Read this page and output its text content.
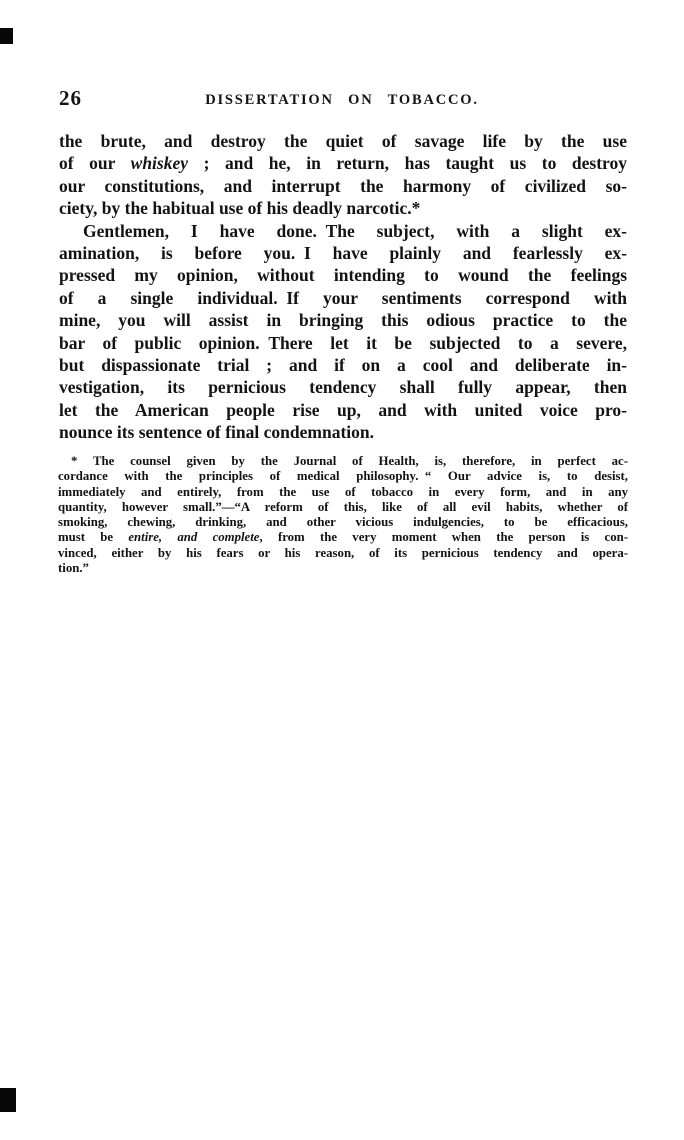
26	DISSERTATION ON TOBACCO.
the brute, and destroy the quiet of savage life by the use
of our whiskey ; and he, in return, has taught us to destroy
our constitutions, and interrupt the harmony of civilized so-
ciety, by the habitual use of his deadly narcotic.*
Gentlemen, I have done. The subject, with a slight ex-
amination, is before you. I have plainly and fearlessly ex-
pressed my opinion, without intending to wound the feelings
of a single individual. If your sentiments correspond with
mine, you will assist in bringing this odious practice to the
bar of public opinion. There let it be subjected to a severe,
but dispassionate trial ; and if on a cool and deliberate in-
vestigation, its pernicious tendency shall fully appear, then
let the American people rise up, and with united voice pro-
nounce its sentence of final condemnation.
* The counsel given by the Journal of Health, is, therefore, in perfect ac-
cordance with the principles of medical philosophy. “ Our advice is, to desist,
immediately and entirely, from the use of tobacco in every form, and in any
quantity, however small.”—“A reform of this, like of all evil habits, whether of
smoking, chewing, drinking, and other vicious indulgencies, to be efficacious,
must be entire, and complete, from the very moment when the person is con-
vinced, either by his fears or his reason, of its pernicious tendency and opera-
tion.”
